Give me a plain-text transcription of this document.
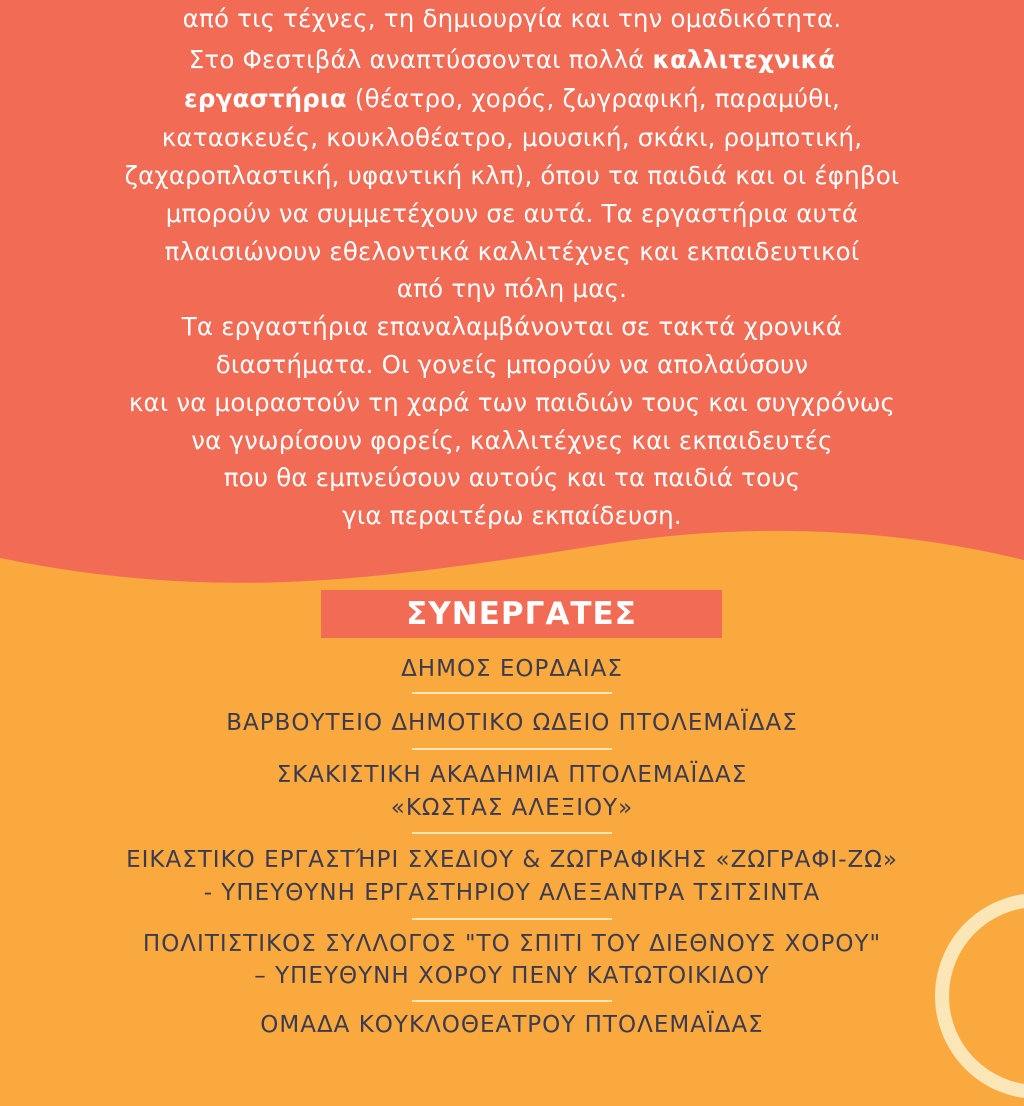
από τις τέχνες, τη δημιουργία και την ομαδικότητα.
Στο Φεστιβάλ αναπτύσσονται πολλά καλλιτεχνικά
εργαστήρια (θέατρο, χορός, ζωγραφική, παραμύθι,
κατασκευές, κουκλοθέατρο, μουσική, σκάκι, ρομποτική,
ζαχαροπλαστική, υφαντική κλπ), όπου τα παιδιά και οι έφηβοι
μπορούν να συμμετέχουν σε αυτά. Τα εργαστήρια αυτά
πλαισιώνουν εθελοντικά καλλιτέχνες και εκπαιδευτικοί
από την πόλη μας.
Τα εργαστήρια επαναλαμβάνονται σε τακτά χρονικά
διαστήματα. Οι γονείς μπορούν να απολαύσουν
και να μοιραστούν τη χαρά των παιδιών τους και συγχρόνως
να γνωρίσουν φορείς, καλλιτέχνες και εκπαιδευτές
που θα εμπνεύσουν αυτούς και τα παιδιά τους
για περαιτέρω εκπαίδευση.
ΣΥΝΕΡΓΑΤΕΣ
ΔΗΜΟΣ ΕΟΡΔΑΙΑΣ
ΒΑΡΒΟΥΤΕΙΟ ΔΗΜΟΤΙΚΟ ΩΔΕΙΟ ΠΤΟΛΕΜΑΪΔΑΣ
ΣΚΑΚΙΣΤΙΚΗ ΑΚΑΔΗΜΙΑ ΠΤΟΛΕΜΑΪΔΑΣ
«ΚΩΣΤΑΣ ΑΛΕΞΙΟΥ»
ΕΙΚΑΣΤΙΚΟ ΕΡΓΑΣΤΉΡΙ ΣΧΕΔΙΟΥ & ΖΩΓΡΑΦΙΚΗΣ «ΖΩΓΡΑΦΙ-ΖΩ»
- ΥΠΕΥΘΥΝΗ ΕΡΓΑΣΤΗΡΙΟΥ ΑΛΕΞΑΝΤΡΑ ΤΣΙΤΣΙΝΤΑ
ΠΟΛΙΤΙΣΤΙΚΟΣ ΣΥΛΛΟΓΟΣ "ΤΟ ΣΠΙΤΙ ΤΟΥ ΔΙΕΘΝΟΥΣ ΧΟΡΟΥ"
– ΥΠΕΥΘΥΝΗ ΧΟΡΟΥ ΠΕΝΥ ΚΑΤΩΤΟΙΚΙΔΟΥ
ΟΜΑΔΑ ΚΟΥΚΛΟΘΕΑΤΡΟΥ ΠΤΟΛΕΜΑΪΔΑΣ
